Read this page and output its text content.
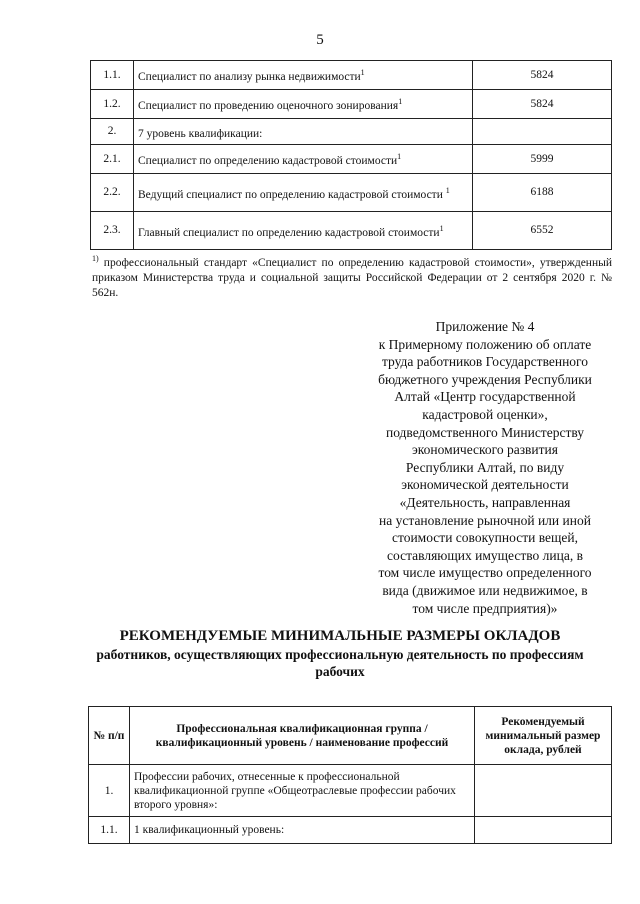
5
1.1.	Специалист по анализу рынка недвижимости$^1$	5824
1.2.	Специалист по проведению оценочного зонирования$^1$	5824
2.	7 уровень квалификации:	
2.1.	Специалист по определению кадастровой стоимости$^1$	5999
2.2.	Ведущий специалист по определению кадастровой стоимости $^1$	6188
2.3.	Главный специалист по определению кадастровой стоимости$^1$	6552
$^{1)}$ профессиональный стандарт «Специалист по определению кадастровой стоимости», утвержденный приказом Министерства труда и социальной защиты Российской Федерации от 2 сентября 2020 г. № 562н.
Приложение № 4
к Примерному положению об оплате
труда работников Государственного
бюджетного учреждения Республики
Алтай «Центр государственной
кадастровой оценки»,
подведомственного Министерству
экономического развития
Республики Алтай, по виду
экономической деятельности
«Деятельность, направленная
на установление рыночной или иной
стоимости совокупности вещей,
составляющих имущество лица, в
том числе имущество определенного
вида (движимое или недвижимое, в
том числе предприятия)»
РЕКОМЕНДУЕМЫЕ МИНИМАЛЬНЫЕ РАЗМЕРЫ ОКЛАДОВ
работников, осуществляющих профессиональную деятельность по профессиям рабочих
№ п/п	Профессиональная квалификационная группа / квалификационный уровень / наименование профессий	Рекомендуемый минимальный размер оклада, рублей
1.	Профессии рабочих, отнесенные к профессиональной квалификационной группе «Общеотраслевые профессии рабочих второго уровня»:	
1.1.	1 квалификационный уровень:	
